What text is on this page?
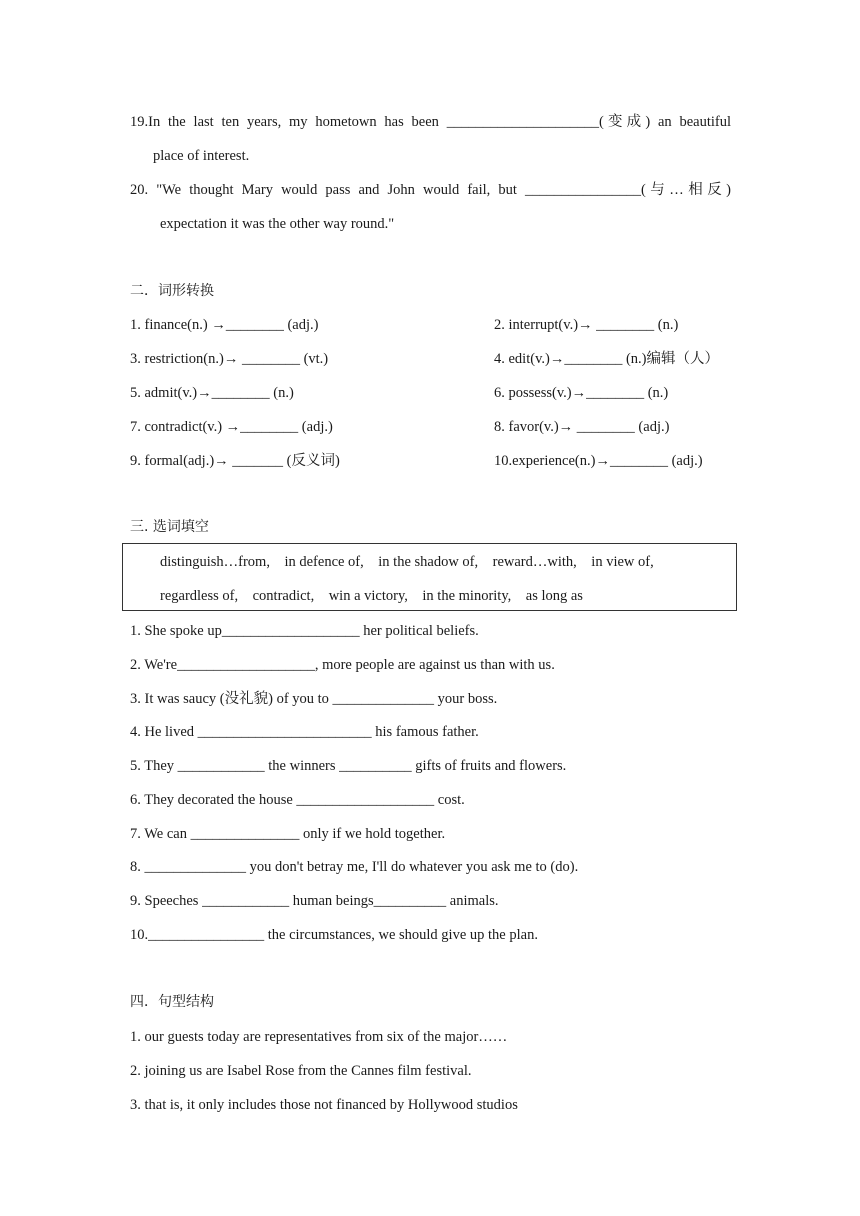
19.In the last ten years, my hometown has been _____________________(变成) an beautiful
place of interest.
20. "We thought Mary would pass and John would fail, but ________________(与…相反)
expectation it was the other way round."
二．词形转换
1. finance(n.) →________ (adj.)	2. interrupt(v.)→ ________ (n.)
3. restriction(n.)→ ________ (vt.)	4. edit(v.)→________ (n.)编辑（人）
5. admit(v.)→________ (n.)	6. possess(v.)→________ (n.)
7. contradict(v.) →________ (adj.)	8. favor(v.)→ ________ (adj.)
9. formal(adj.)→ _______ (反义词)	10.experience(n.)→________ (adj.)
三. 选词填空
distinguish…from,    in defence of,    in the shadow of,    reward…with,    in view of,
regardless of,    contradict,    win a victory,    in the minority,    as long as
1. She spoke up___________________ her political beliefs.
2. We're___________________, more people are against us than with us.
3. It was saucy (没礼貌) of you to ______________ your boss.
4. He lived ________________________ his famous father.
5. They ____________ the winners __________ gifts of fruits and flowers.
6. They decorated the house ___________________ cost.
7. We can _______________ only if we hold together.
8. ______________ you don't betray me, I'll do whatever you ask me to (do).
9. Speeches ____________ human beings__________ animals.
10.________________ the circumstances, we should give up the plan.
四．句型结构
1. our guests today are representatives from six of the major……
2. joining us are Isabel Rose from the Cannes film festival.
3. that is, it only includes those not financed by Hollywood studios
